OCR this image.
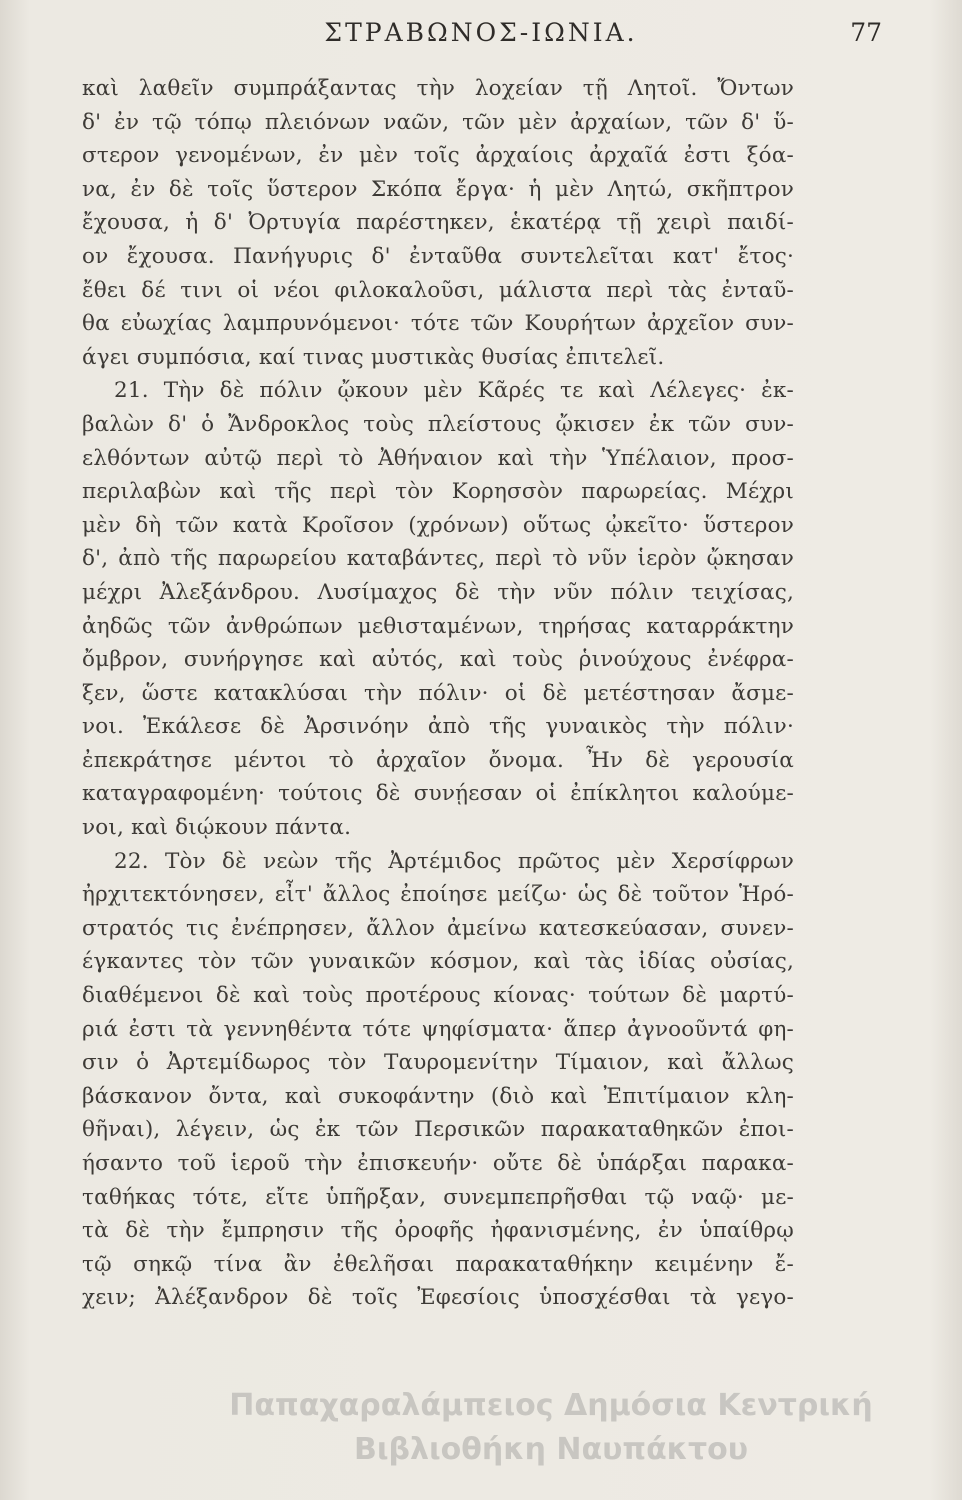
ΣΤΡΑΒΩΝΟΣ-ΙΩΝΙΑ.	77
καὶ λαθεῖν συμπράξαντας τὴν λοχείαν τῇ Λητοῖ. Ὄντων
δ' ἐν τῷ τόπῳ πλειόνων ναῶν, τῶν μὲν ἀρχαίων, τῶν δ' ὕ-
στερον γενομένων, ἐν μὲν τοῖς ἀρχαίοις ἀρχαῖά ἐστι ξόα-
να, ἐν δὲ τοῖς ὕστερον Σκόπα ἔργα· ἡ μὲν Λητώ, σκῆπτρον
ἔχουσα, ἡ δ' Ὀρτυγία παρέστηκεν, ἑκατέρᾳ τῇ χειρὶ παιδί-
ον ἔχουσα. Πανήγυρις δ' ἐνταῦθα συντελεῖται κατ' ἔτος·
ἔθει δέ τινι οἱ νέοι φιλοκαλοῦσι, μάλιστα περὶ τὰς ἐνταῦ-
θα εὐωχίας λαμπρυνόμενοι· τότε τῶν Κουρήτων ἀρχεῖον συν-
άγει συμπόσια, καί τινας μυστικὰς θυσίας ἐπιτελεῖ.
21. Τὴν δὲ πόλιν ᾤκουν μὲν Κᾶρές τε καὶ Λέλεγες· ἐκ-
βαλὼν δ' ὁ Ἄνδροκλος τοὺς πλείστους ᾤκισεν ἐκ τῶν συν-
ελθόντων αὐτῷ περὶ τὸ Ἀθήναιον καὶ τὴν Ὑπέλαιον, προσ-
περιλαβὼν καὶ τῆς περὶ τὸν Κορησσὸν παρωρείας. Μέχρι
μὲν δὴ τῶν κατὰ Κροῖσον (χρόνων) οὕτως ᾠκεῖτο· ὕστερον
δ', ἀπὸ τῆς παρωρείου καταβάντες, περὶ τὸ νῦν ἱερὸν ᾤκησαν
μέχρι Ἀλεξάνδρου. Λυσίμαχος δὲ τὴν νῦν πόλιν τειχίσας,
ἀηδῶς τῶν ἀνθρώπων μεθισταμένων, τηρήσας καταρράκτην
ὄμβρον, συνήργησε καὶ αὐτός, καὶ τοὺς ῥινούχους ἐνέφρα-
ξεν, ὥστε κατακλύσαι τὴν πόλιν· οἱ δὲ μετέστησαν ἄσμε-
νοι. Ἐκάλεσε δὲ Ἀρσινόην ἀπὸ τῆς γυναικὸς τὴν πόλιν·
ἐπεκράτησε μέντοι τὸ ἀρχαῖον ὄνομα. Ἦν δὲ γερουσία
καταγραφομένη· τούτοις δὲ συνῄεσαν οἱ ἐπίκλητοι καλούμε-
νοι, καὶ διῴκουν πάντα.
22. Τὸν δὲ νεὼν τῆς Ἀρτέμιδος πρῶτος μὲν Χερσίφρων
ἠρχιτεκτόνησεν, εἶτ' ἄλλος ἐποίησε μείζω· ὡς δὲ τοῦτον Ἡρό-
στρατός τις ἐνέπρησεν, ἄλλον ἀμείνω κατεσκεύασαν, συνεν-
έγκαντες τὸν τῶν γυναικῶν κόσμον, καὶ τὰς ἰδίας οὐσίας,
διαθέμενοι δὲ καὶ τοὺς προτέρους κίονας· τούτων δὲ μαρτύ-
ριά ἐστι τὰ γεννηθέντα τότε ψηφίσματα· ἅπερ ἀγνοοῦντά φη-
σιν ὁ Ἀρτεμίδωρος τὸν Ταυρομενίτην Τίμαιον, καὶ ἄλλως
βάσκανον ὄντα, καὶ συκοφάντην (διὸ καὶ Ἐπιτίμαιον κλη-
θῆναι), λέγειν, ὡς ἐκ τῶν Περσικῶν παρακαταθηκῶν ἐποι-
ήσαντο τοῦ ἱεροῦ τὴν ἐπισκευήν· οὔτε δὲ ὑπάρξαι παρακα-
ταθήκας τότε, εἴτε ὑπῆρξαν, συνεμπεπρῆσθαι τῷ ναῷ· με-
τὰ δὲ τὴν ἔμπρησιν τῆς ὀροφῆς ἠφανισμένης, ἐν ὑπαίθρῳ
τῷ σηκῷ τίνα ἂν ἐθελῆσαι παρακαταθήκην κειμένην ἔ-
χειν; Ἀλέξανδρον δὲ τοῖς Ἐφεσίοις ὑποσχέσθαι τὰ γεγο-
Παπαχαραλάμπειος Δημόσια Κεντρική
Βιβλιοθήκη Ναυπάκτου
